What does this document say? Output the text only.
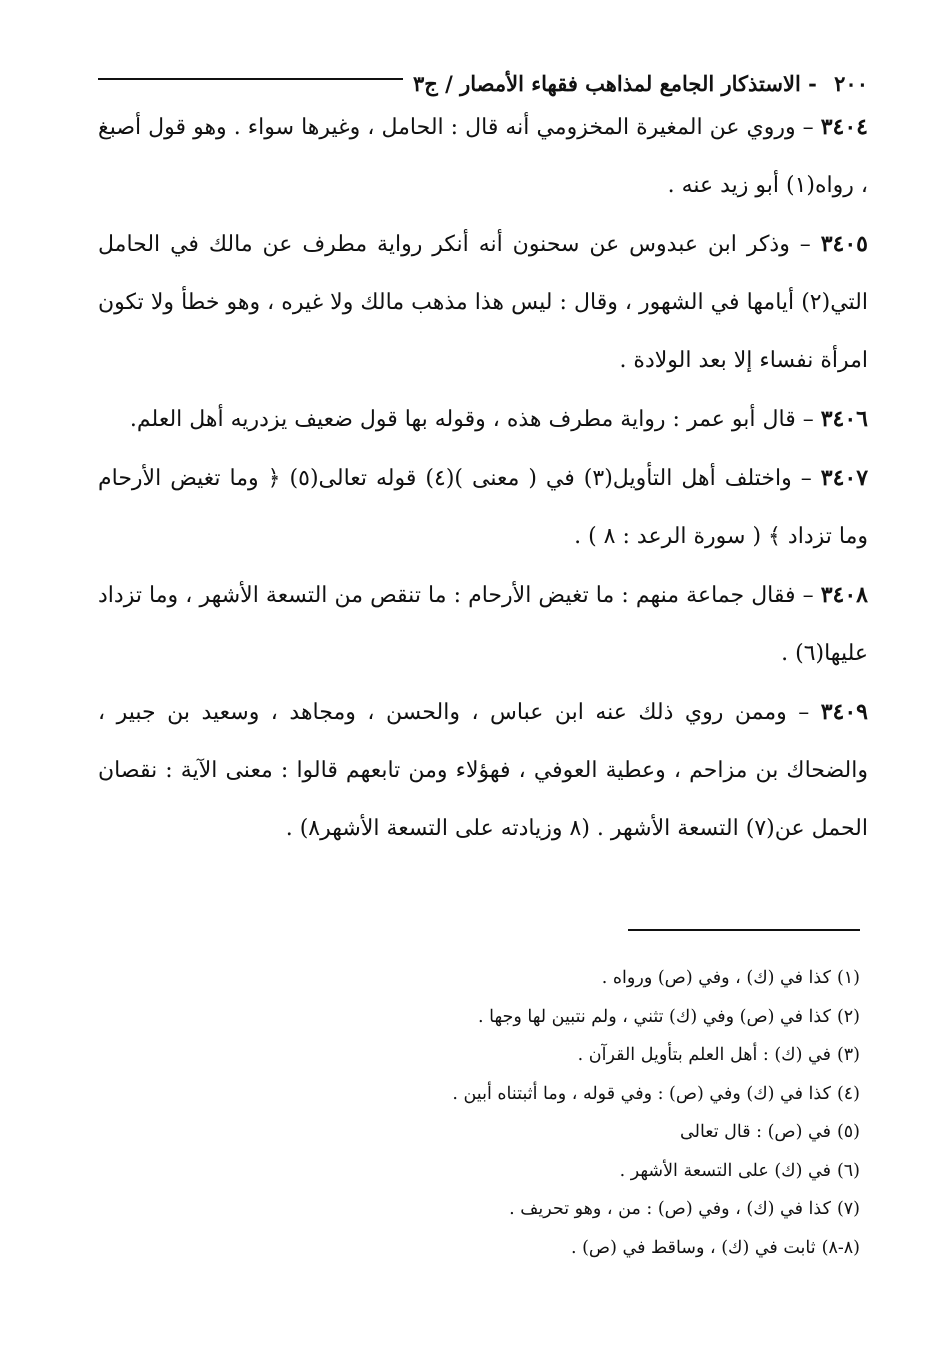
٢٠٠ - الاستذكار الجامع لمذاهب فقهاء الأمصار / ج٣

٣٤٠٤ – وروي عن المغيرة المخزومي أنه قال : الحامل ، وغيرها سواء . وهو قول أصبغ ، رواه(١) أبو زيد عنه .

٣٤٠٥ – وذكر ابن عبدوس عن سحنون أنه أنكر رواية مطرف عن مالك في الحامل التي(٢) أيامها في الشهور ، وقال : ليس هذا مذهب مالك ولا غيره ، وهو خطأ ولا تكون امرأة نفساء إلا بعد الولادة .

٣٤٠٦ – قال أبو عمر : رواية مطرف هذه ، وقوله بها قول ضعيف يزدريه أهل العلم.

٣٤٠٧ – واختلف أهل التأويل(٣) في ( معنى )(٤) قوله تعالى(٥) ﴿ وما تغيض الأرحام وما تزداد ﴾ ( سورة الرعد : ٨ ) .

٣٤٠٨ – فقال جماعة منهم : ما تغيض الأرحام : ما تنقص من التسعة الأشهر ، وما تزداد عليها(٦) .

٣٤٠٩ – وممن روي ذلك عنه ابن عباس ، والحسن ، ومجاهد ، وسعيد بن جبير ، والضحاك بن مزاحم ، وعطية العوفي ، فهؤلاء ومن تابعهم قالوا : معنى الآية : نقصان الحمل عن(٧) التسعة الأشهر . (٨ وزيادته على التسعة الأشهر٨) .

(١)كذا في (ك) ، وفي (ص) ورواه .
(٢)كذا في (ص) وفي (ك) تثني ، ولم نتبين لها وجها .
(٣)في (ك) : أهل العلم بتأويل القرآن .
(٤)كذا في (ك) وفي (ص) : وفي قوله ، وما أثبتناه أبين .
(٥)في (ص) : قال تعالى
(٦)في (ك) على التسعة الأشهر .
(٧)كذا في (ك) ، وفي (ص) : من ، وهو تحريف .
(٨-٨)ثابت في (ك) ، وساقط في (ص) .
